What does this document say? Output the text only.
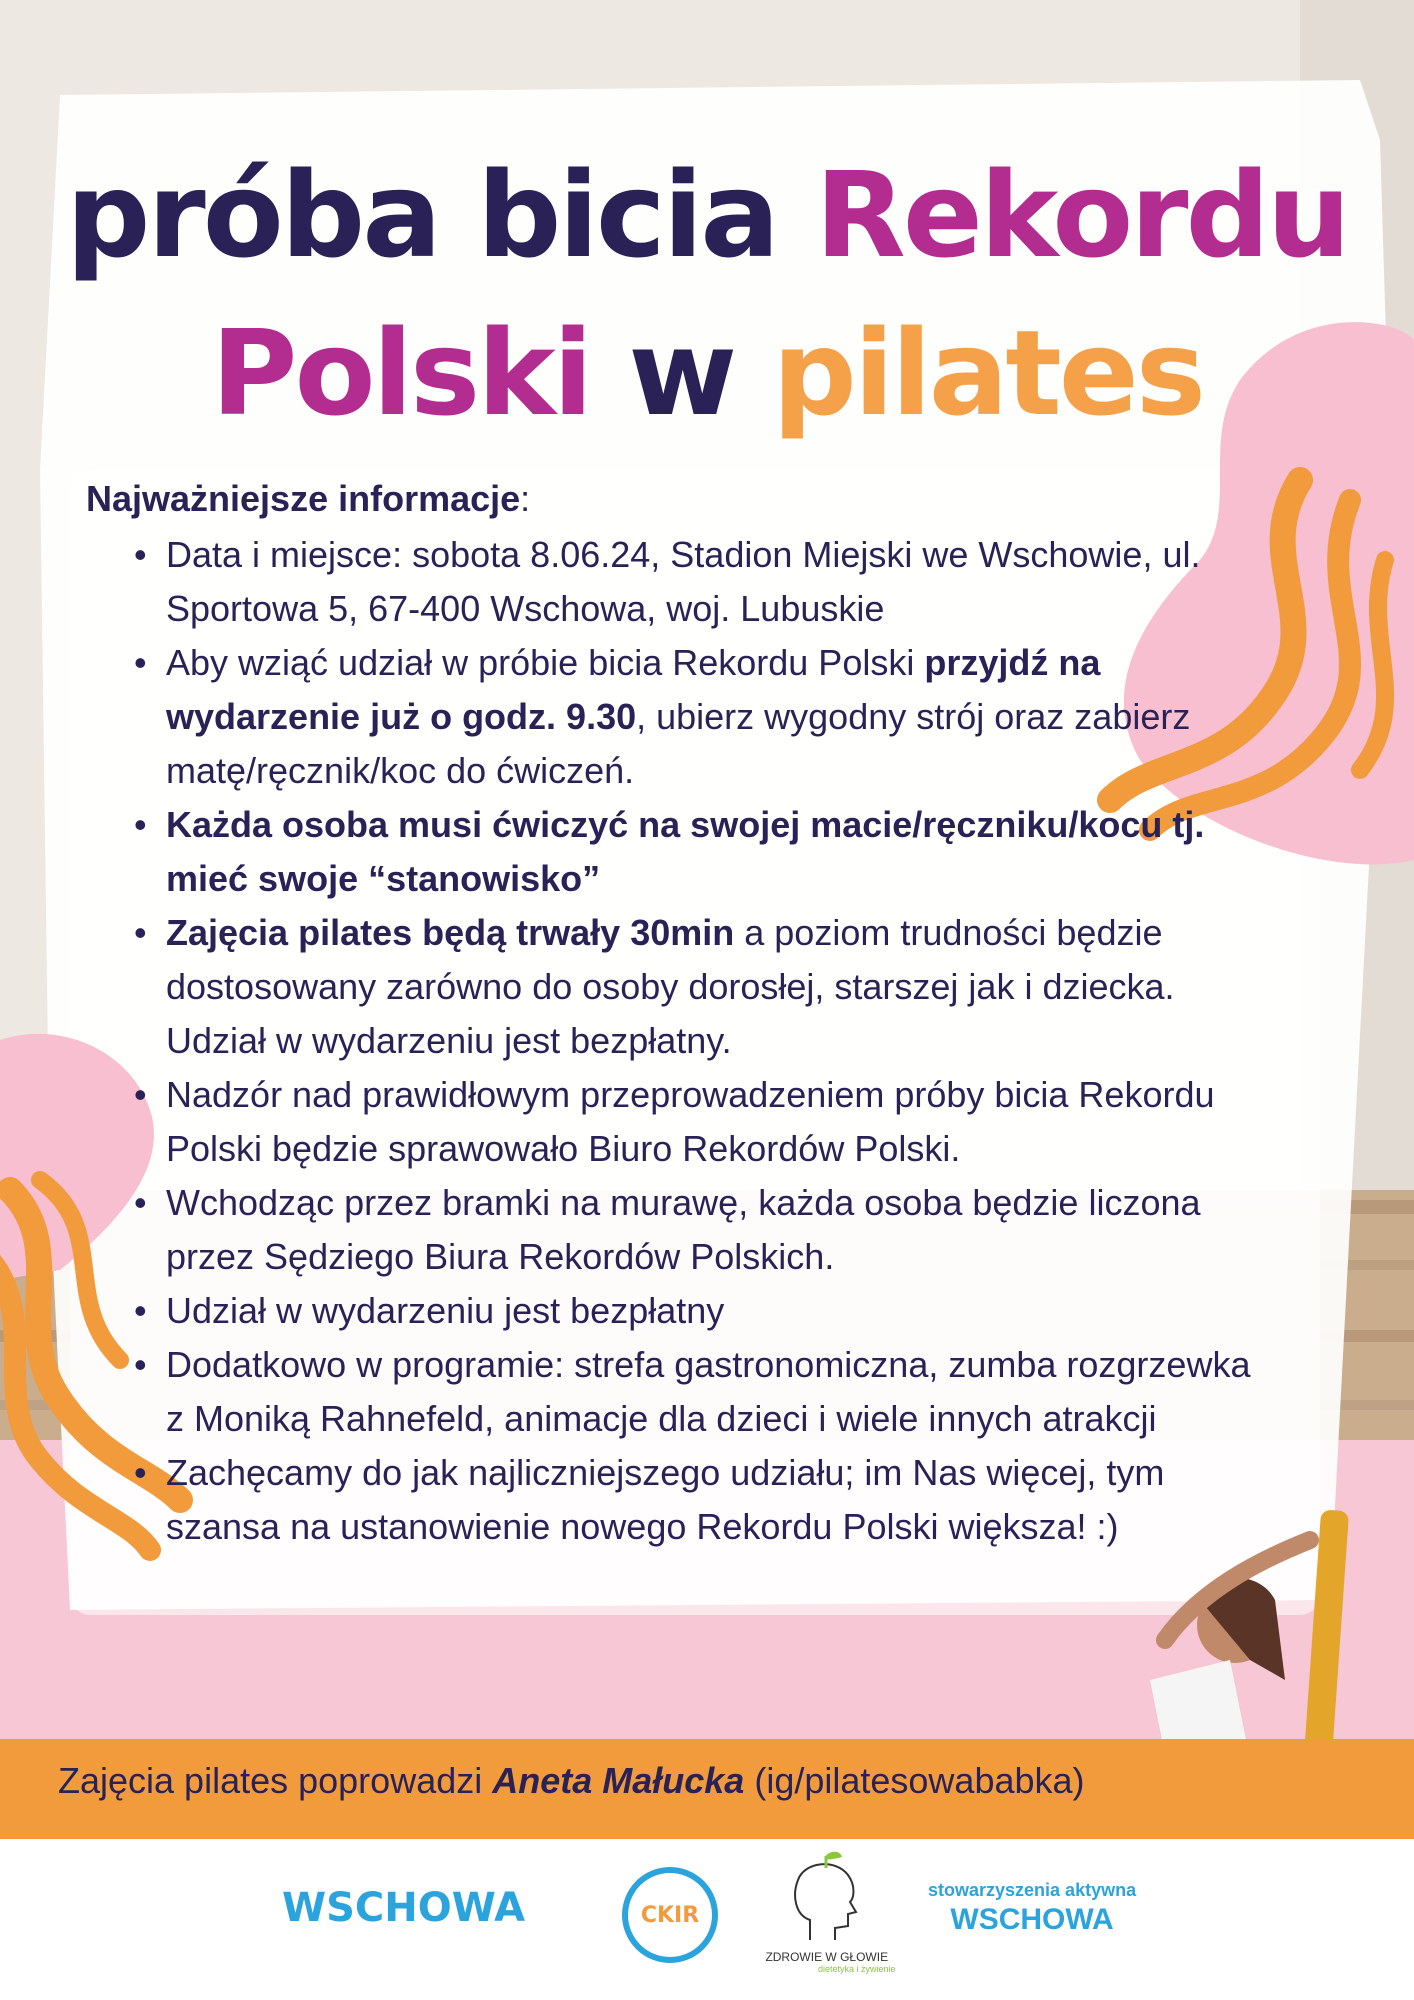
próba bicia Rekordu
Polski w pilates
Najważniejsze informacje:
• Data i miejsce: sobota 8.06.24, Stadion Miejski we Wschowie, ul. Sportowa 5, 67-400 Wschowa, woj. Lubuskie
• Aby wziąć udział w próbie bicia Rekordu Polski przyjdź na wydarzenie już o godz. 9.30, ubierz wygodny strój oraz zabierz matę/ręcznik/koc do ćwiczeń.
• Każda osoba musi ćwiczyć na swojej macie/ręczniku/kocu tj. mieć swoje “stanowisko”
• Zajęcia pilates będą trwały 30min a poziom trudności będzie dostosowany zarówno do osoby dorosłej, starszej jak i dziecka. Udział w wydarzeniu jest bezpłatny.
• Nadzór nad prawidłowym przeprowadzeniem próby bicia Rekordu Polski będzie sprawowało Biuro Rekordów Polski.
• Wchodząc przez bramki na murawę, każda osoba będzie liczona przez Sędziego Biura Rekordów Polskich.
• Udział w wydarzeniu jest bezpłatny
• Dodatkowo w programie: strefa gastronomiczna, zumba rozgrzewka z Moniką Rahnefeld, animacje dla dzieci i wiele innych atrakcji
• Zachęcamy do jak najliczniejszego udziału; im Nas więcej, tym szansa na ustanowienie nowego Rekordu Polski większa! :)
Zajęcia pilates poprowadzi Aneta Małucka (ig/pilatesowababka)
WSCHOWA	CKIR
ZDROWIE W GŁOWIE
dietetyka i żywienie
stowarzyszenia aktywna
WSCHOWA
